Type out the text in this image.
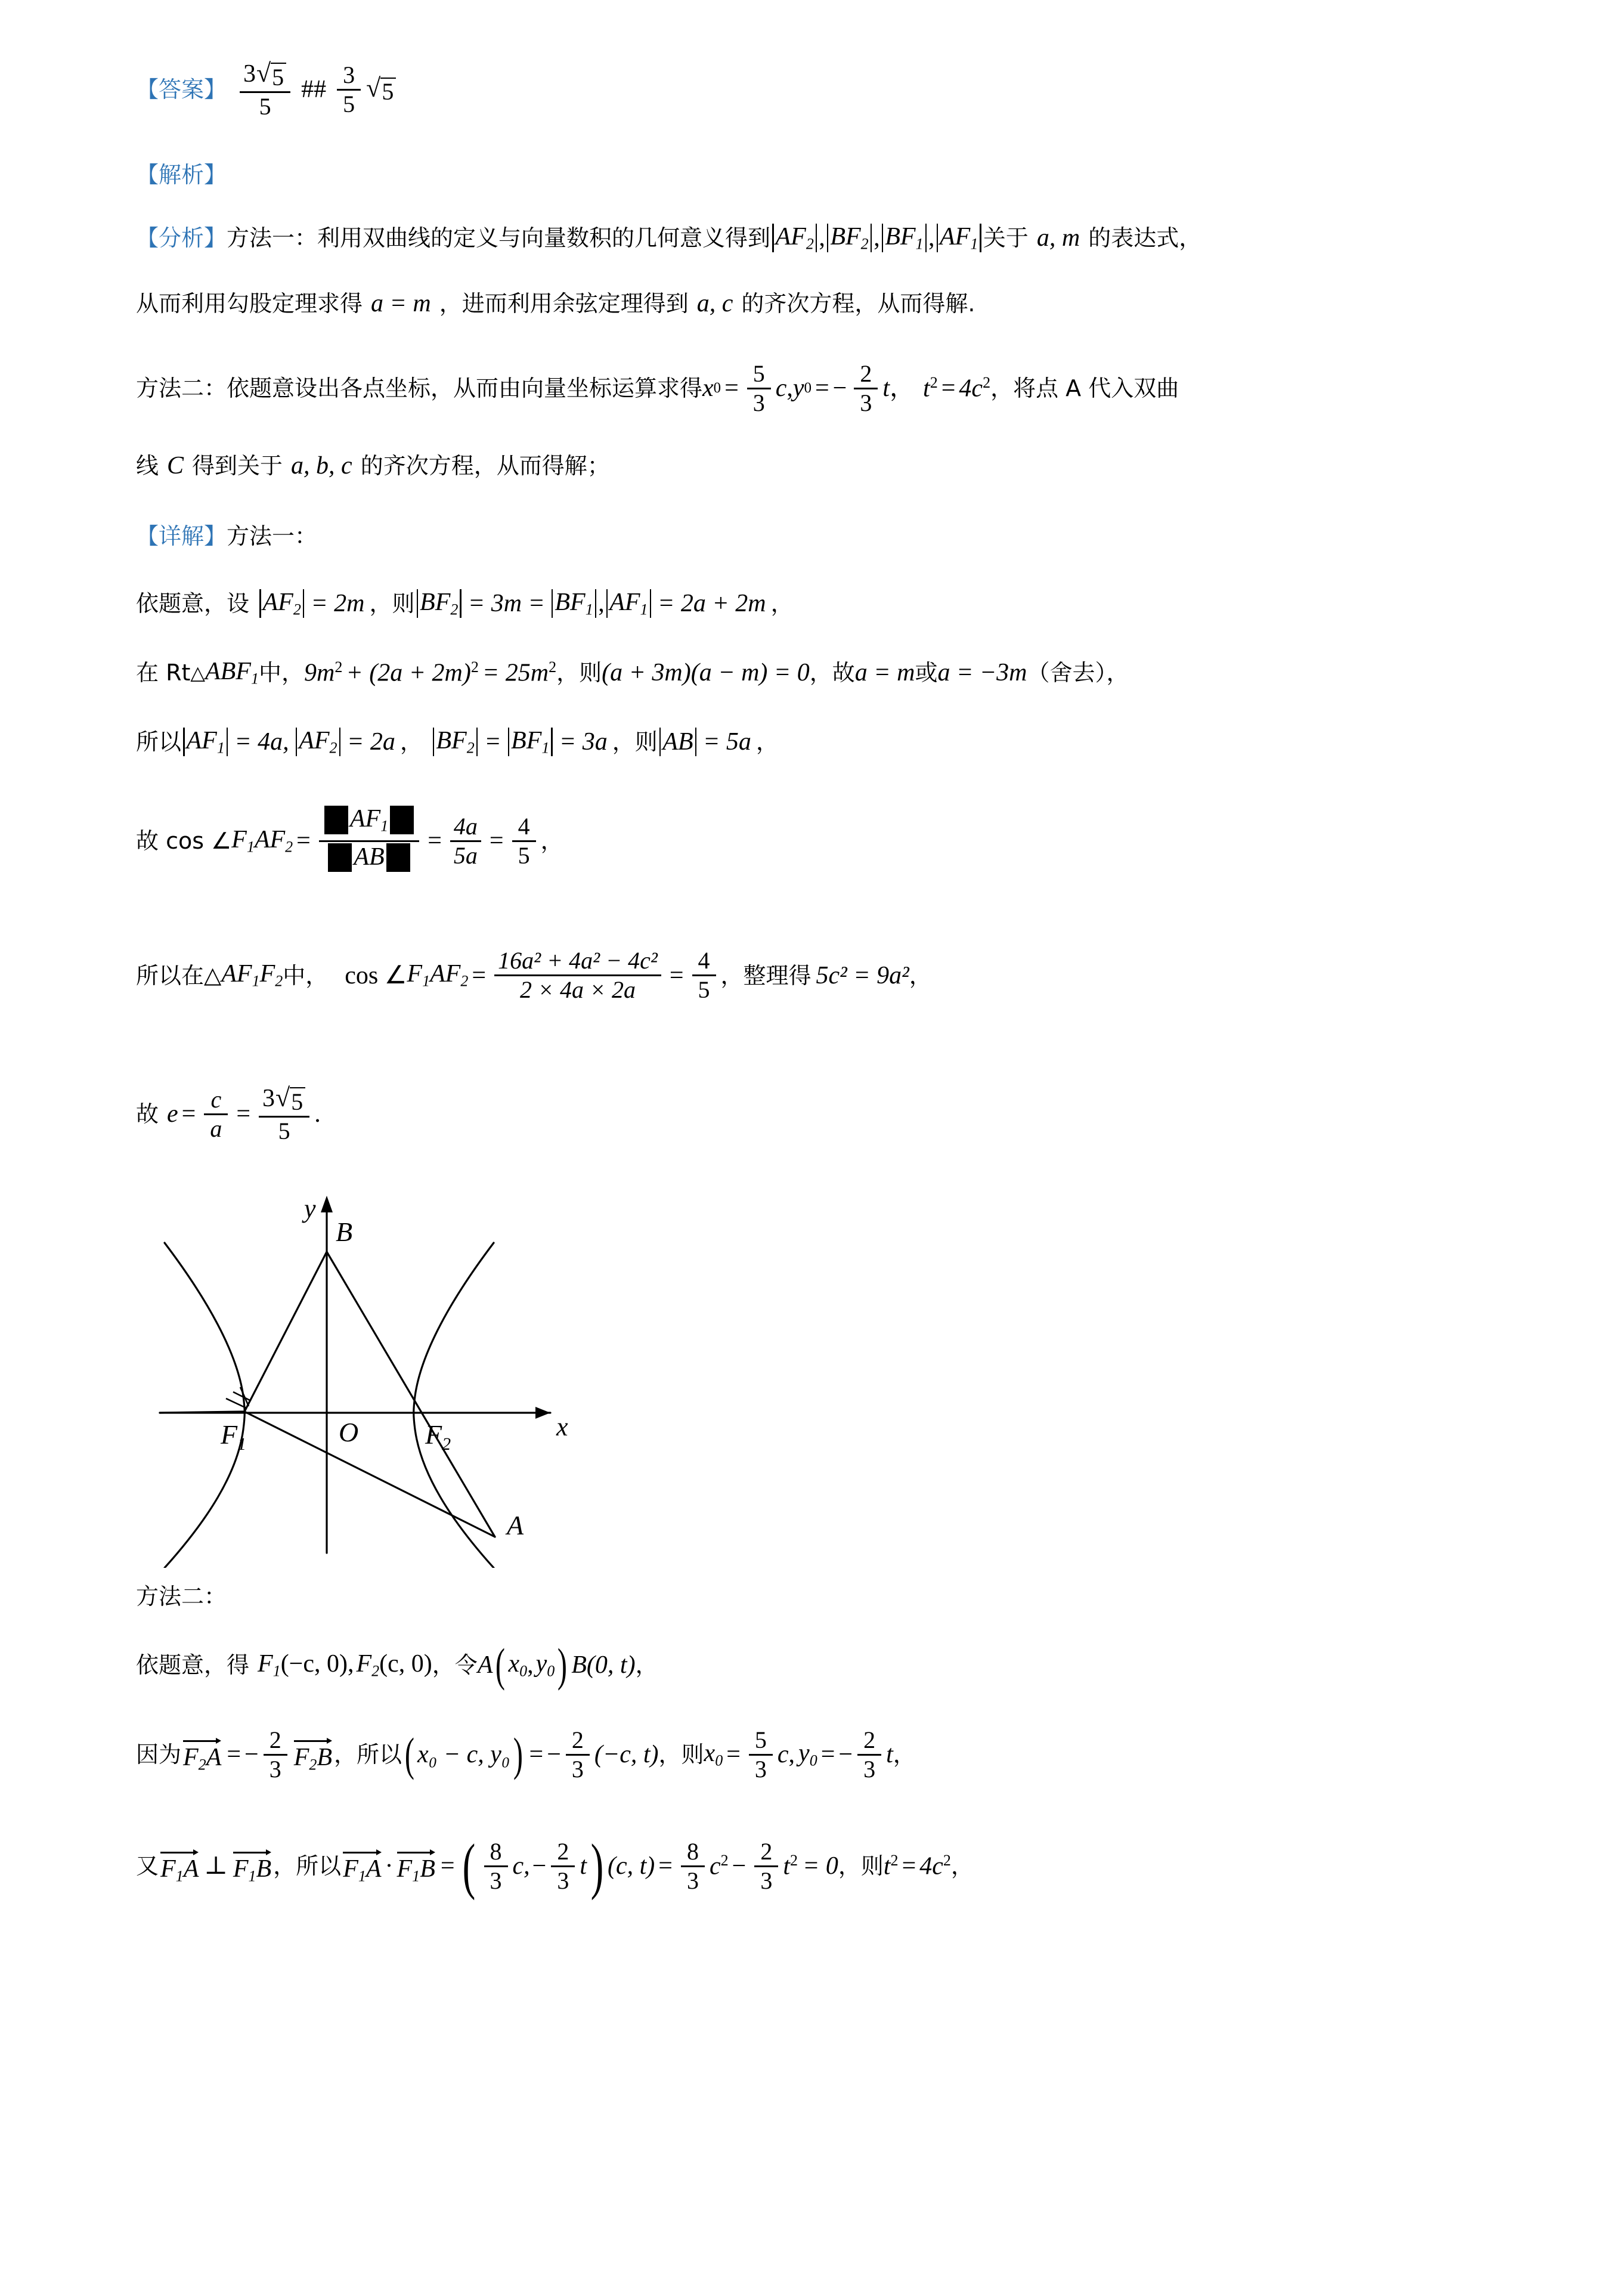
【答案】 $\frac{3 √ 5}{5}$ ## $\frac{3}{5}$ √ 5
【解析】
【分析】 方法一：利用双曲线的定义与向量数积的几何意义得到 $AF_2$ , $BF_2$ , $BF_1$ , $AF_1$ 关于 a, m 的表达式，
从而利用勾股定理求得 a = m ，进而利用余弦定理得到 a, c 的齐次方程，从而得解.
方法二：依题意设出各点坐标，从而由向量坐标运算求得 x $0 = \frac{5}{3}$ c , y 0 = − $\frac{2}{3}$ t ， $t^2 = 4c^2$ ，将点 A 代入双曲
线 C 得到关于 a, b, c 的齐次方程，从而得解；
【详解】 方法一：
依题意，设 $AF_2 = 2m$ ，则 $BF_2 = 3m = BF_1$ , $AF_1 = 2a + 2m$ ，
在 Rt △ $ABF_1$ 中， $9m^2 + (2a + 2m)^2 = 25m^2$ ，则 (a + 3m)(a − m) = 0 ，故 a = m 或 a = −3m （舍去），
所以 $AF_1 = 4a$, $AF_2 = 2a$ ， $BF_2 = BF_1 = 3a$ ，则 AB = 5a ，
故 cos ∠ $F_1AF_2 = \frac{AF_1}{AB} = \frac{4a}{5a} = \frac{4}{5}$ ，
所以在 △ $AF_1F_2$ 中， cos ∠ $F_1AF_2 = \frac{\text{16a² + 4a² − 4c²}}{2 \times 4a \times 2a} = \frac{4}{5}$ ，整理得 5c² = 9a² ，
故 $e = \frac{c}{a} = \frac{3 √ 5}{5}$ .
y
x
B
O
A
$F_1$	$F_2$
方法二：
依题意，得 $F_1(-c$, 0), $F_2(c$, 0) ，令 A ( $x_0$ , $y_0$ ) B(0, t) ，
因为 $F_2A$ = − $\frac{2}{3} F_2B$ ，所以 ( x₀ − c, y₀ ) = − $\frac{2}{3} (-c$, t) ，则 $x_0 = \frac{5}{3}$ c , $y_0$ = − $\frac{2}{3}$ t ，
又 $F_1A$ ⊥ $F_1B$ ，所以 $F_1A \cdot F_1B$ = ( $\frac{8}{3} c$, − $\frac{2}{3}$ t ) (c, $t) = \frac{8}{3} c^2 - \frac{2}{3} t^2 = 0$ ，则 $t^2 = 4c^2$ ，
